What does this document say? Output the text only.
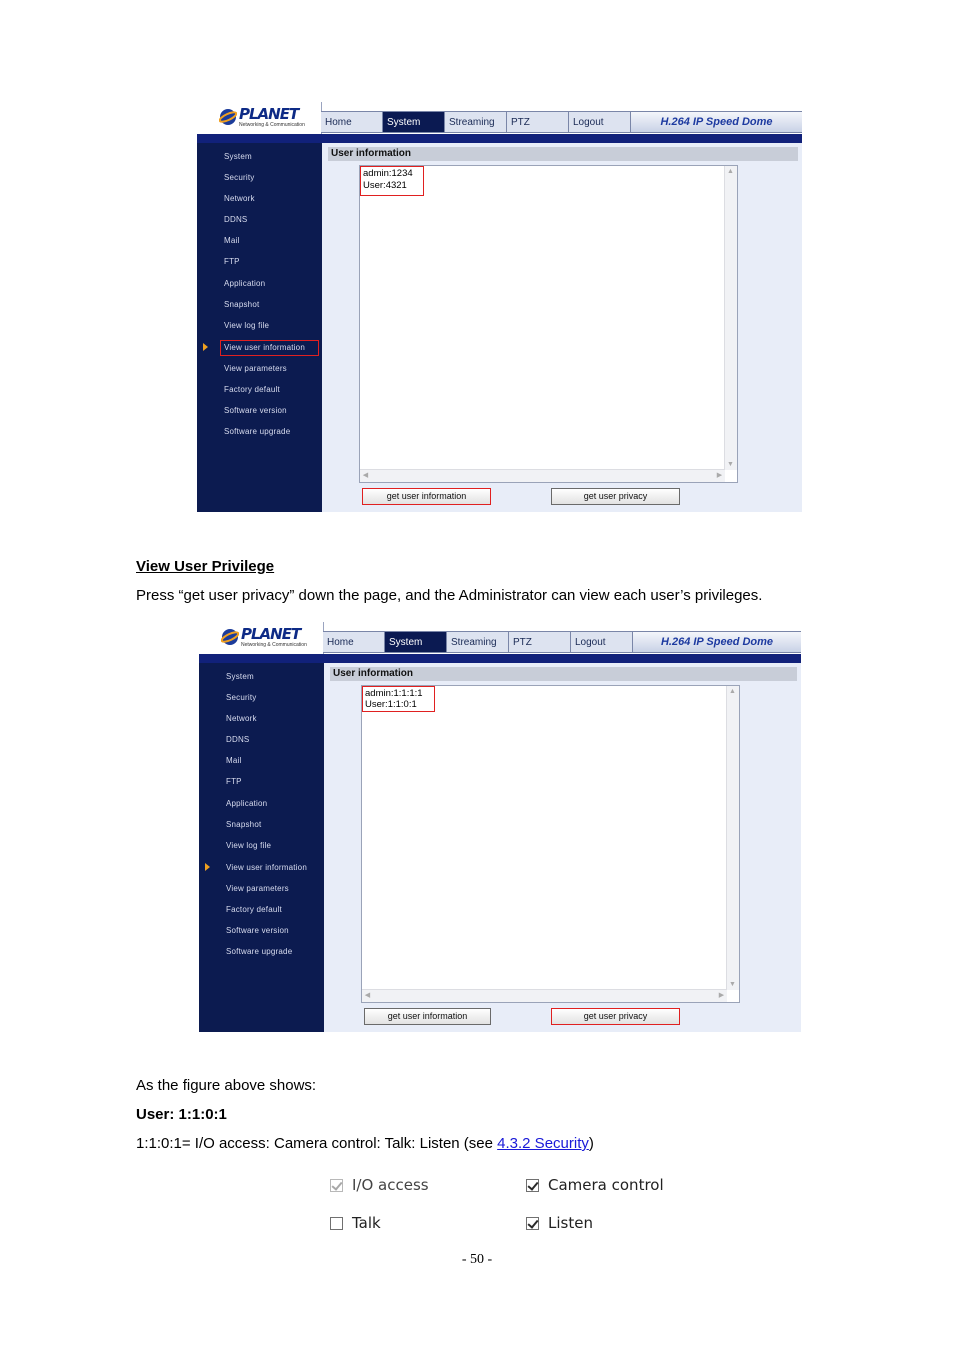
PLANET
Networking & Communication	Home	System	Streaming	PTZ	Logout	H.264 IP Speed Dome
System
Security
Network
DDNS
Mail
FTP
Application
Snapshot
View log file
View user information
View parameters
Factory default
Software version
Software upgrade
User information
admin:1234
User:4321
▲
▼
◀	▶
get user information	get user privacy
View User Privilege
Press “get user privacy” down the page, and the Administrator can view each user’s privileges.
PLANET
Networking & Communication	Home	System	Streaming	PTZ	Logout	H.264 IP Speed Dome
System
Security
Network
DDNS
Mail
FTP
Application
Snapshot
View log file
View user information
View parameters
Factory default
Software version
Software upgrade
User information
admin:1:1:1:1
User:1:1:0:1
▲
▼
◀	▶
get user information	get user privacy
As the figure above shows:
User: 1:1:0:1
1:1:0:1= I/O access: Camera control: Talk: Listen (see 4.3.2 Security)
I/O access	Camera control
Talk	Listen
- 50 -
